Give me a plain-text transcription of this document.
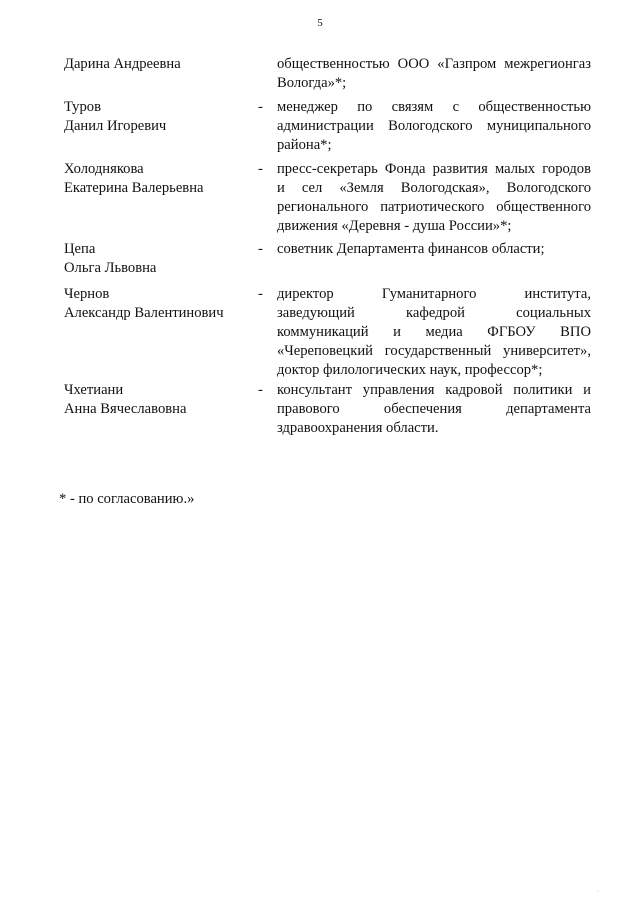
5
Дарина Андреевна	общественностью ООО «Газпром межрегионгаз
Вологда»*;
Туров
Данил Игоревич
- менеджер по связям с общественностью
администрации Вологодского муниципального
района*;
Холоднякова
Екатерина Валерьевна
- пресс-секретарь Фонда развития малых городов
и сел «Земля Вологодская», Вологодского
регионального патриотического общественного
движения «Деревня - душа России»*;
Цепа
Ольга Львовна
- советник Департамента финансов области;
Чернов
Александр Валентинович
- директор Гуманитарного института,
заведующий кафедрой социальных
коммуникаций и медиа ФГБОУ ВПО
«Череповецкий государственный университет»,
доктор филологических наук, профессор*;
Чхетиани
Анна Вячеславовна
- консультант управления кадровой политики и
правового обеспечения департамента
здравоохранения области.
* - по согласованию.»
·
